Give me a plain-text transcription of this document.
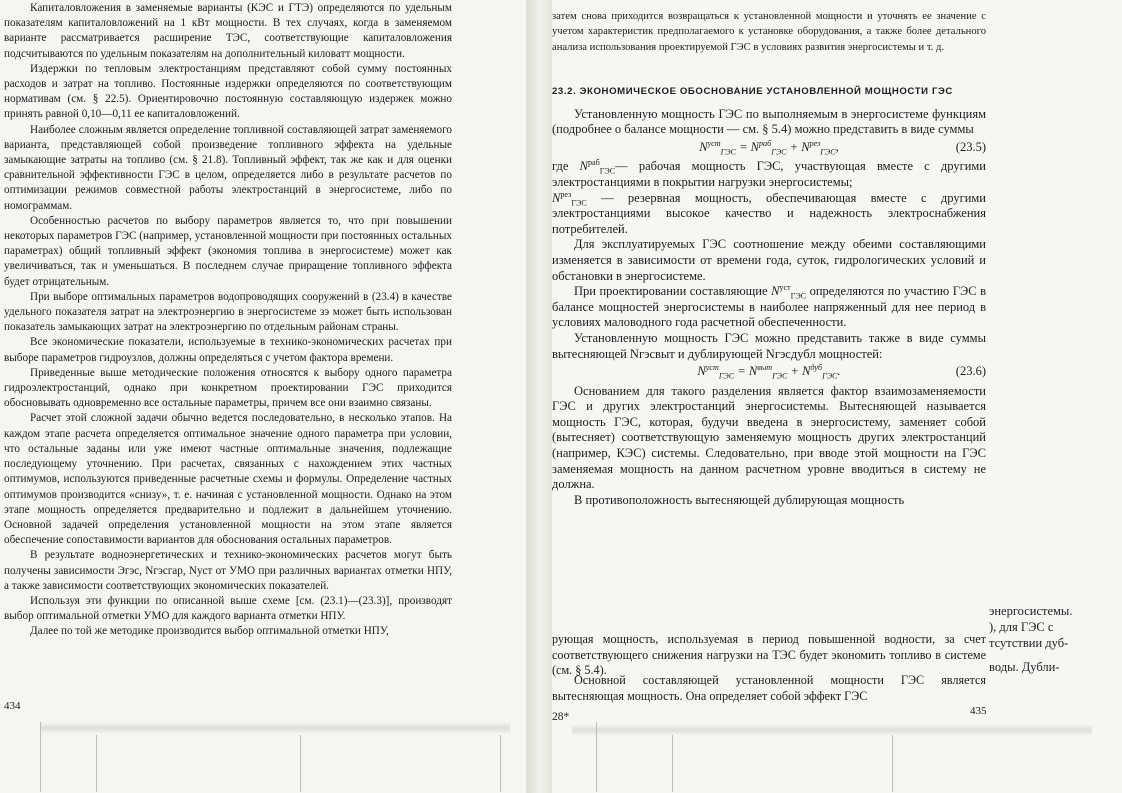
Капиталовложения в заменяемые варианты (КЭС и ГТЭ) определяются по удельным показателям капиталовложений на 1 кВт мощности. В тех случаях, когда в заменяемом варианте рассматривается расширение ТЭС, соответствующие капиталовложения подсчитываются по удельным показателям на дополнительный киловатт мощности.

Издержки по тепловым электростанциям представляют собой сумму постоянных расходов и затрат на топливо. Постоянные издержки определяются по соответствующим нормативам (см. § 22.5). Ориентировочно постоянную составляющую издержек можно принять равной 0,10—0,11 ее капиталовложений.

Наиболее сложным является определение топливной составляющей затрат заменяемого варианта, представляющей собой произведение топливного эффекта на удельные замыкающие затраты на топливо (см. § 21.8). Топливный эффект, так же как и для оценки сравнительной эффективности ГЭС в целом, определяется либо в результате расчетов по оптимизации режимов совместной работы электростанций в энергосистеме, либо по номограммам.

Особенностью расчетов по выбору параметров является то, что при повышении некоторых параметров ГЭС (например, установленной мощности при постоянных остальных параметрах) общий топливный эффект (экономия топлива в энергосистеме) может как увеличиваться, так и уменьшаться. В последнем случае приращение топливного эффекта будет отрицательным.

При выборе оптимальных параметров водопроводящих сооружений в (23.4) в качестве удельного показателя затрат на электроэнергию в энергосистеме зэ может быть использован показатель замыкающих затрат на электроэнергию по отдельным районам страны.

Все экономические показатели, используемые в технико-экономических расчетах при выборе параметров гидроузлов, должны определяться с учетом фактора времени.

Приведенные выше методические положения относятся к выбору одного параметра гидроэлектростанций, однако при конкретном проектировании ГЭС приходится обосновывать одновременно все остальные параметры, причем все они взаимно связаны.

Расчет этой сложной задачи обычно ведется последовательно, в несколько этапов. На каждом этапе расчета определяется оптимальное значение одного параметра при условии, что остальные заданы или уже имеют частные оптимальные значения, подлежащие последующему уточнению. При расчетах, связанных с нахождением этих частных оптимумов, используются приведенные расчетные схемы и формулы. Определение частных оптимумов производится «снизу», т. е. начиная с установленной мощности. Однако на этом этапе мощность определяется предварительно и подлежит в дальнейшем уточнению. Основной задачей определения установленной мощности на этом этапе является обеспечение сопоставимости вариантов для обоснования остальных параметров.

В результате водноэнергетических и технико-экономических расчетов могут быть получены зависимости Эгэс, Nгэсгар, Nуст от УМО при различных вариантах отметки НПУ, а также зависимости соответствующих экономических показателей.

Используя эти функции по описанной выше схеме [см. (23.1)—(23.3)], производят выбор оптимальной отметки УМО для каждого варианта отметки НПУ.

Далее по той же методике производится выбор оптимальной отметки НПУ,

434

затем снова приходится возвращаться к установленной мощности и уточнять ее значение с учетом характеристик предполагаемого к установке оборудования, а также более детального анализа использования проектируемой ГЭС в условиях развития энергосистемы и т. д.

23.2. ЭКОНОМИЧЕСКОЕ ОБОСНОВАНИЕ УСТАНОВЛЕННОЙ МОЩНОСТИ ГЭС

Установленную мощность ГЭС по выполняемым в энергосистеме функциям (подробнее о балансе мощности — см. § 5.4) можно представить в виде суммы

$N^{уст}_{ГЭС} = N^{раб}_{ГЭС} + N^{рез}_{ГЭС}$,	(23.5)

где $N^{раб}_{ГЭС}—$ рабочая мощность ГЭС, участвующая вместе с другими электростанциями в покрытии нагрузки энергосистемы;

$N^{рез}_{ГЭС}$ — резервная мощность, обеспечивающая вместе с другими электростанциями высокое качество и надежность электроснабжения потребителей.

Для эксплуатируемых ГЭС соотношение между обеими составляющими изменяется в зависимости от времени года, суток, гидрологических условий и обстановки в энергосистеме.

При проектировании составляющие $N^{уст}_{ГЭС}$ определяются по участию ГЭС в балансе мощностей энергосистемы в наиболее напряженный для нее период в условиях маловодного года расчетной обеспеченности.

Установленную мощность ГЭС можно представить также в виде суммы вытесняющей Nгэсвыт и дублирующей Nгэсдубл мощностей:

$N^{уст}_{ГЭС} = N^{выт}_{ГЭС} + N^{дуб}_{ГЭС}$.	(23.6)

Основанием для такого разделения является фактор взаимозаменяемости ГЭС и других электростанций энергосистемы. Вытесняющей называется мощность ГЭС, которая, будучи введена в энергосистему, заменяет собой (вытесняет) соответствующую заменяемую мощность других электростанций (например, КЭС) системы. Следовательно, при вводе этой мощности на ГЭС заменяемая мощность на данном расчетном уровне вводиться в систему не должна.

В противоположность вытесняющей дублирующая мощность

энергосистемы.
), для ГЭС с
тсутствии дуб-
воды. Дубли-
рующая мощность, используемая в период повышенной водности, за счет соответствующего снижения нагрузки на ТЭС будет экономить топливо в системе (см. § 5.4).
Основной составляющей установленной мощности ГЭС является вытесняющая мощность. Она определяет собой эффект ГЭС
28*	435
